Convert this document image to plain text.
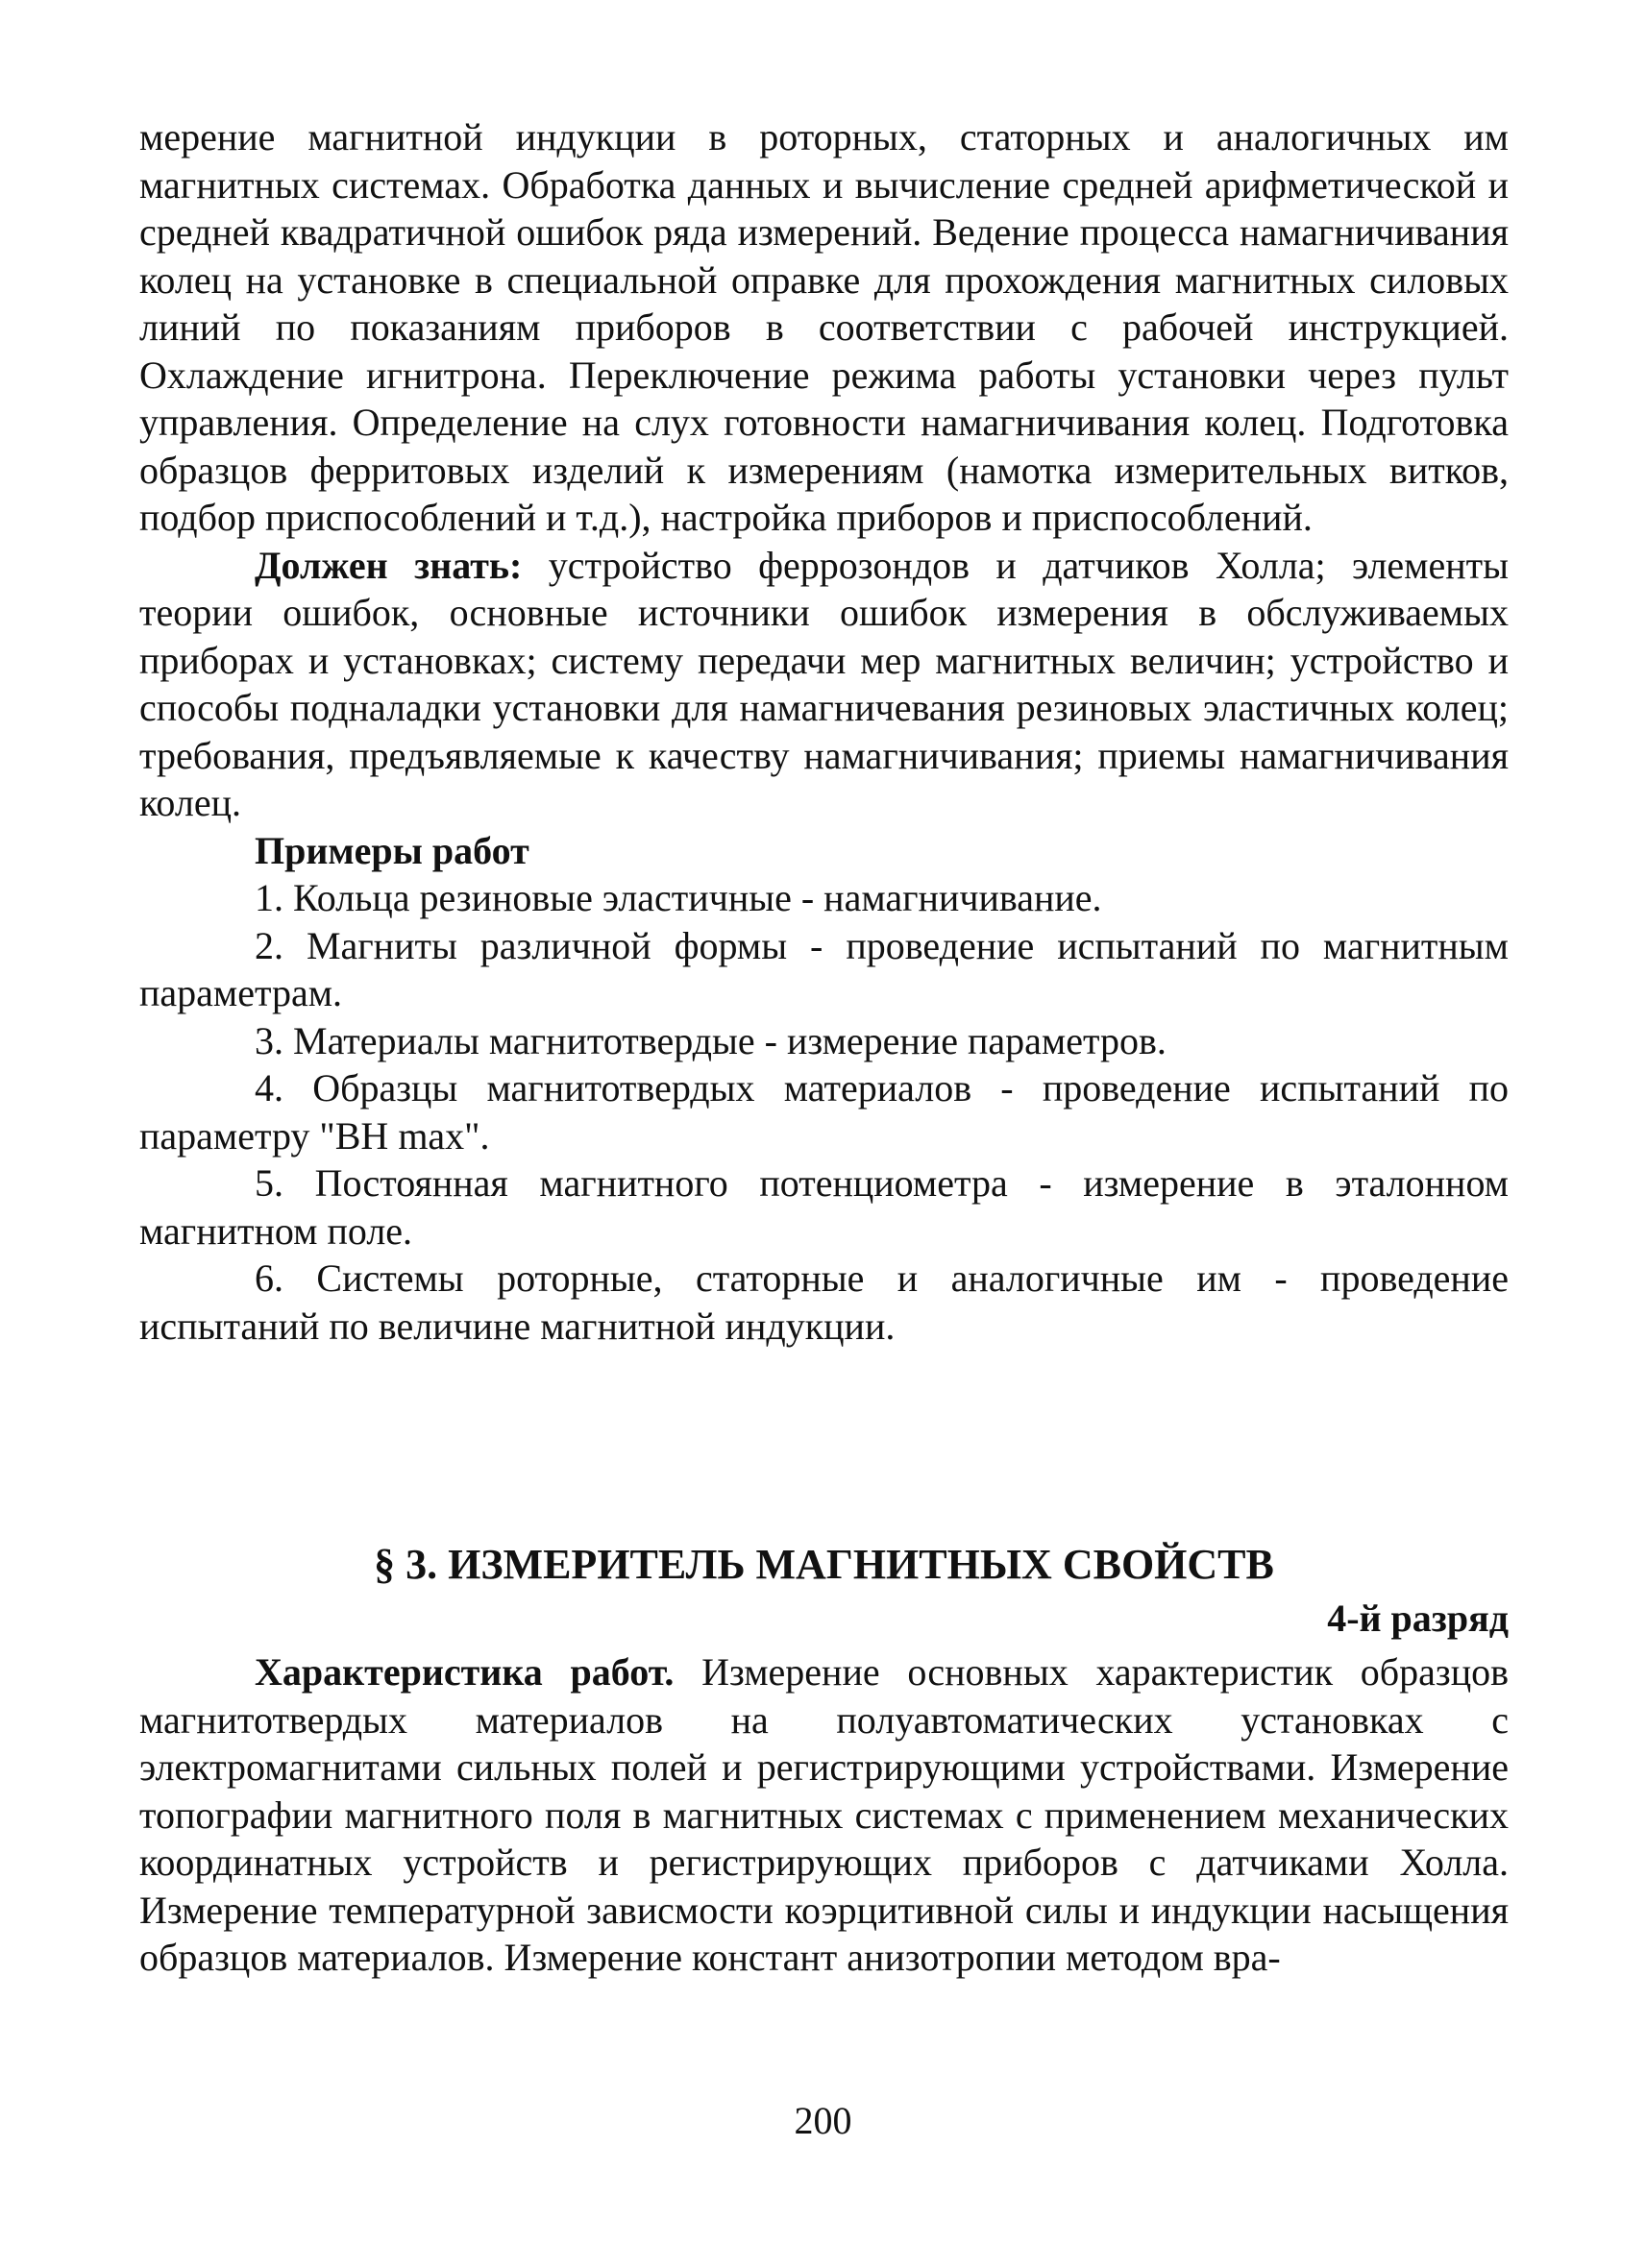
мерение магнитной индукции в роторных, статорных и аналогичных им магнитных системах. Обработка данных и вычисление средней арифметической и средней квадратичной ошибок ряда измерений. Ведение процесса намагничивания колец на установке в специальной оправке для прохождения магнитных силовых линий по показаниям приборов в соответствии с рабочей инструкцией. Охлаждение игнитрона. Переключение режима работы установки через пульт управления. Определение на слух готовности намагничивания колец. Подготовка образцов ферритовых изделий к измерениям (намотка измерительных витков, подбор приспособлений и т.д.), настройка приборов и приспособлений.

Должен знать: устройство феррозондов и датчиков Холла; элементы теории ошибок, основные источники ошибок измерения в обслуживаемых приборах и установках; систему передачи мер магнитных величин; устройство и способы подналадки установки для намагничевания резиновых эластичных колец; требования, предъявляемые к качеству намагничивания; приемы намагничивания колец.

Примеры работ

1. Кольца резиновые эластичные - намагничивание.

2. Магниты различной формы - проведение испытаний по магнитным параметрам.

3. Материалы магнитотвердые - измерение параметров.

4. Образцы магнитотвердых материалов - проведение испытаний по параметру "BH max".

5. Постоянная магнитного потенциометра - измерение в эталонном магнитном поле.

6. Системы роторные, статорные и аналогичные им - проведение испытаний по величине магнитной индукции.

§ 3. ИЗМЕРИТЕЛЬ МАГНИТНЫХ СВОЙСТВ
4-й разряд

Характеристика работ. Измерение основных характеристик образцов магнитотвердых материалов на полуавтоматических установках с электромагнитами сильных полей и регистрирующими устройствами. Измерение топографии магнитного поля в магнитных системах с применением механических координатных устройств и регистрирующих приборов с датчиками Холла. Измерение температурной зависмости коэрцитивной силы и индукции насыщения образцов материалов. Измерение констант анизотропии методом вра-

200
